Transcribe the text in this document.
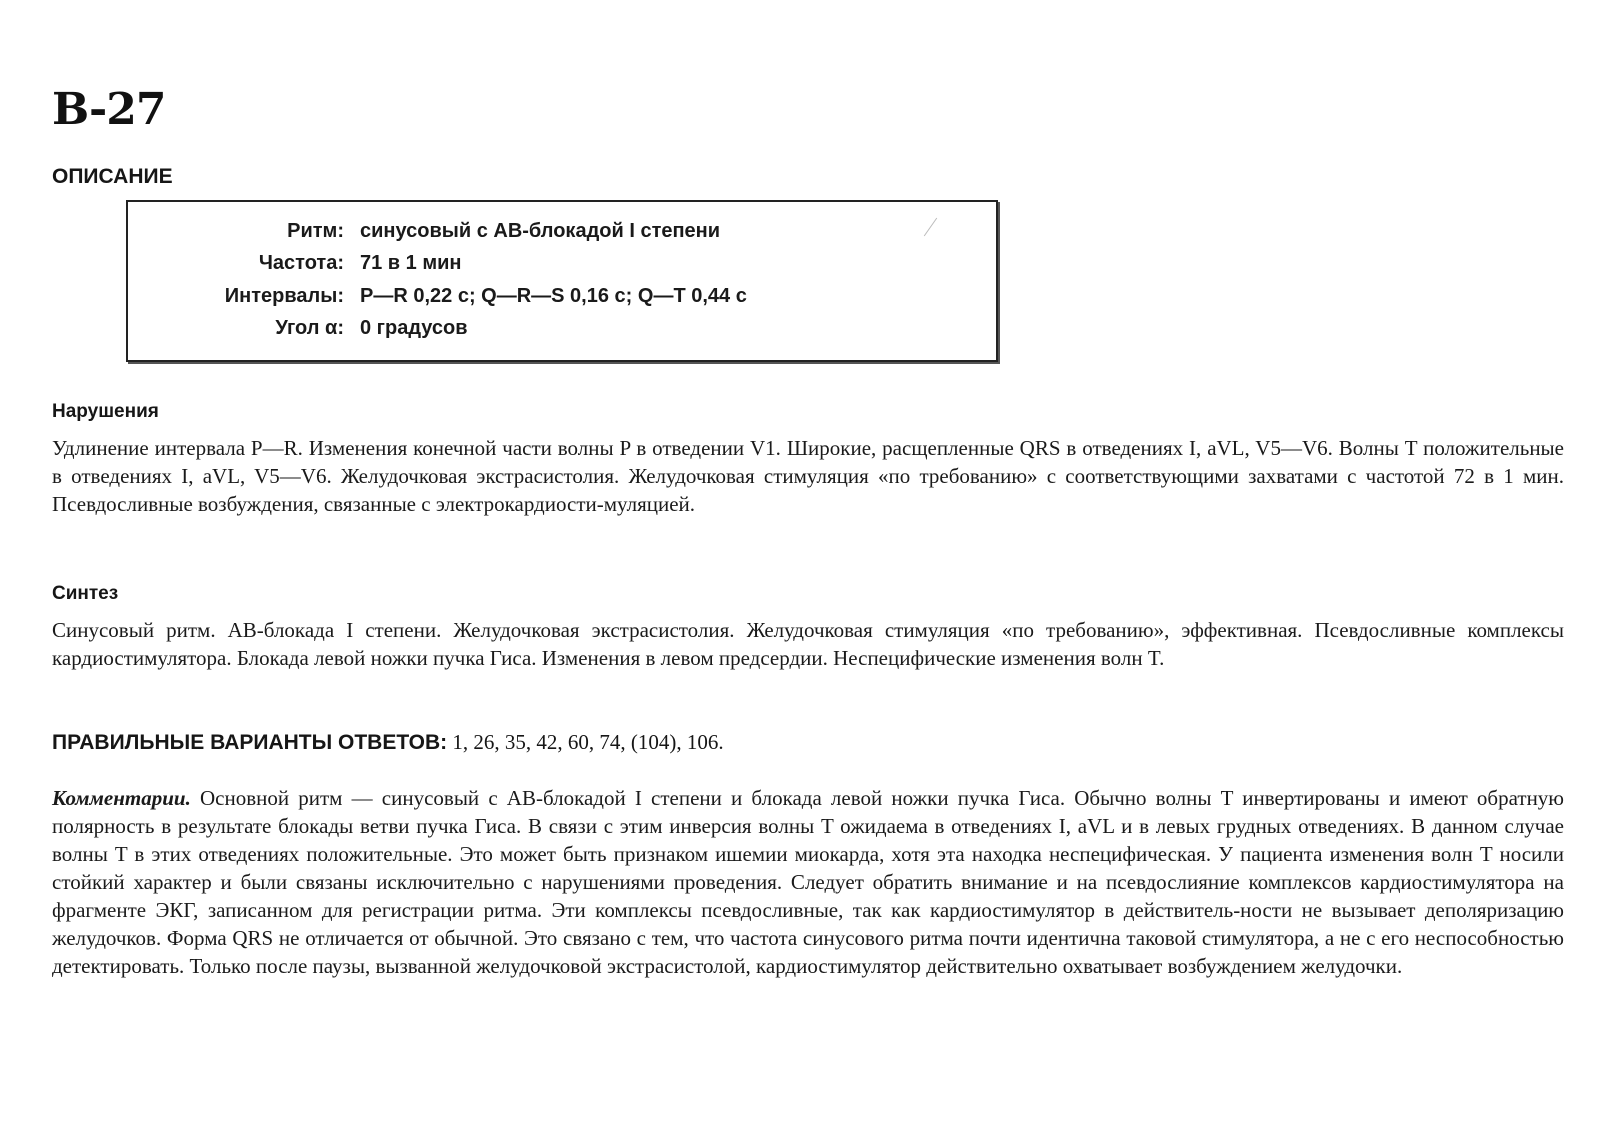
B-27
ОПИСАНИЕ
Ритм: синусовый с АВ-блокадой I степени
Частота: 71 в 1 мин
Интервалы: P—R 0,22 с; Q—R—S 0,16 с; Q—T 0,44 с
Угол α: 0 градусов
Нарушения

Удлинение интервала P—R. Изменения конечной части волны P в отведении V1. Широкие, расщепленные QRS в отведениях I, aVL, V5—V6. Волны T положительные в отведениях I, aVL, V5—V6. Желудочковая экстрасистолия. Желудочковая стимуляция «по требованию» с соответствующими захватами с частотой 72 в 1 мин. Псевдосливные возбуждения, связанные с электрокардиости-муляцией.

Синтез

Синусовый ритм. АВ-блокада I степени. Желудочковая экстрасистолия. Желудочковая стимуляция «по требованию», эффективная. Псевдосливные комплексы кардиостимулятора. Блокада левой ножки пучка Гиса. Изменения в левом предсердии. Неспецифические изменения волн T.

ПРАВИЛЬНЫЕ ВАРИАНТЫ ОТВЕТОВ: 1, 26, 35, 42, 60, 74, (104), 106.

Комментарии. Основной ритм — синусовый с АВ-блокадой I степени и блокада левой ножки пучка Гиса. Обычно волны T инвертированы и имеют обратную полярность в результате блокады ветви пучка Гиса. В связи с этим инверсия волны T ожидаема в отведениях I, aVL и в левых грудных отведениях. В данном случае волны T в этих отведениях положительные. Это может быть признаком ишемии миокарда, хотя эта находка неспецифическая. У пациента изменения волн T носили стойкий характер и были связаны исключительно с нарушениями проведения. Следует обратить внимание и на псевдослияние комплексов кардиостимулятора на фрагменте ЭКГ, записанном для регистрации ритма. Эти комплексы псевдосливные, так как кардиостимулятор в действитель-ности не вызывает деполяризацию желудочков. Форма QRS не отличается от обычной. Это связано с тем, что частота синусового ритма почти идентична таковой стимулятора, а не с его неспособностью детектировать. Только после паузы, вызванной желудочковой экстрасистолой, кардиостимулятор действительно охватывает возбуждением желудочки.
